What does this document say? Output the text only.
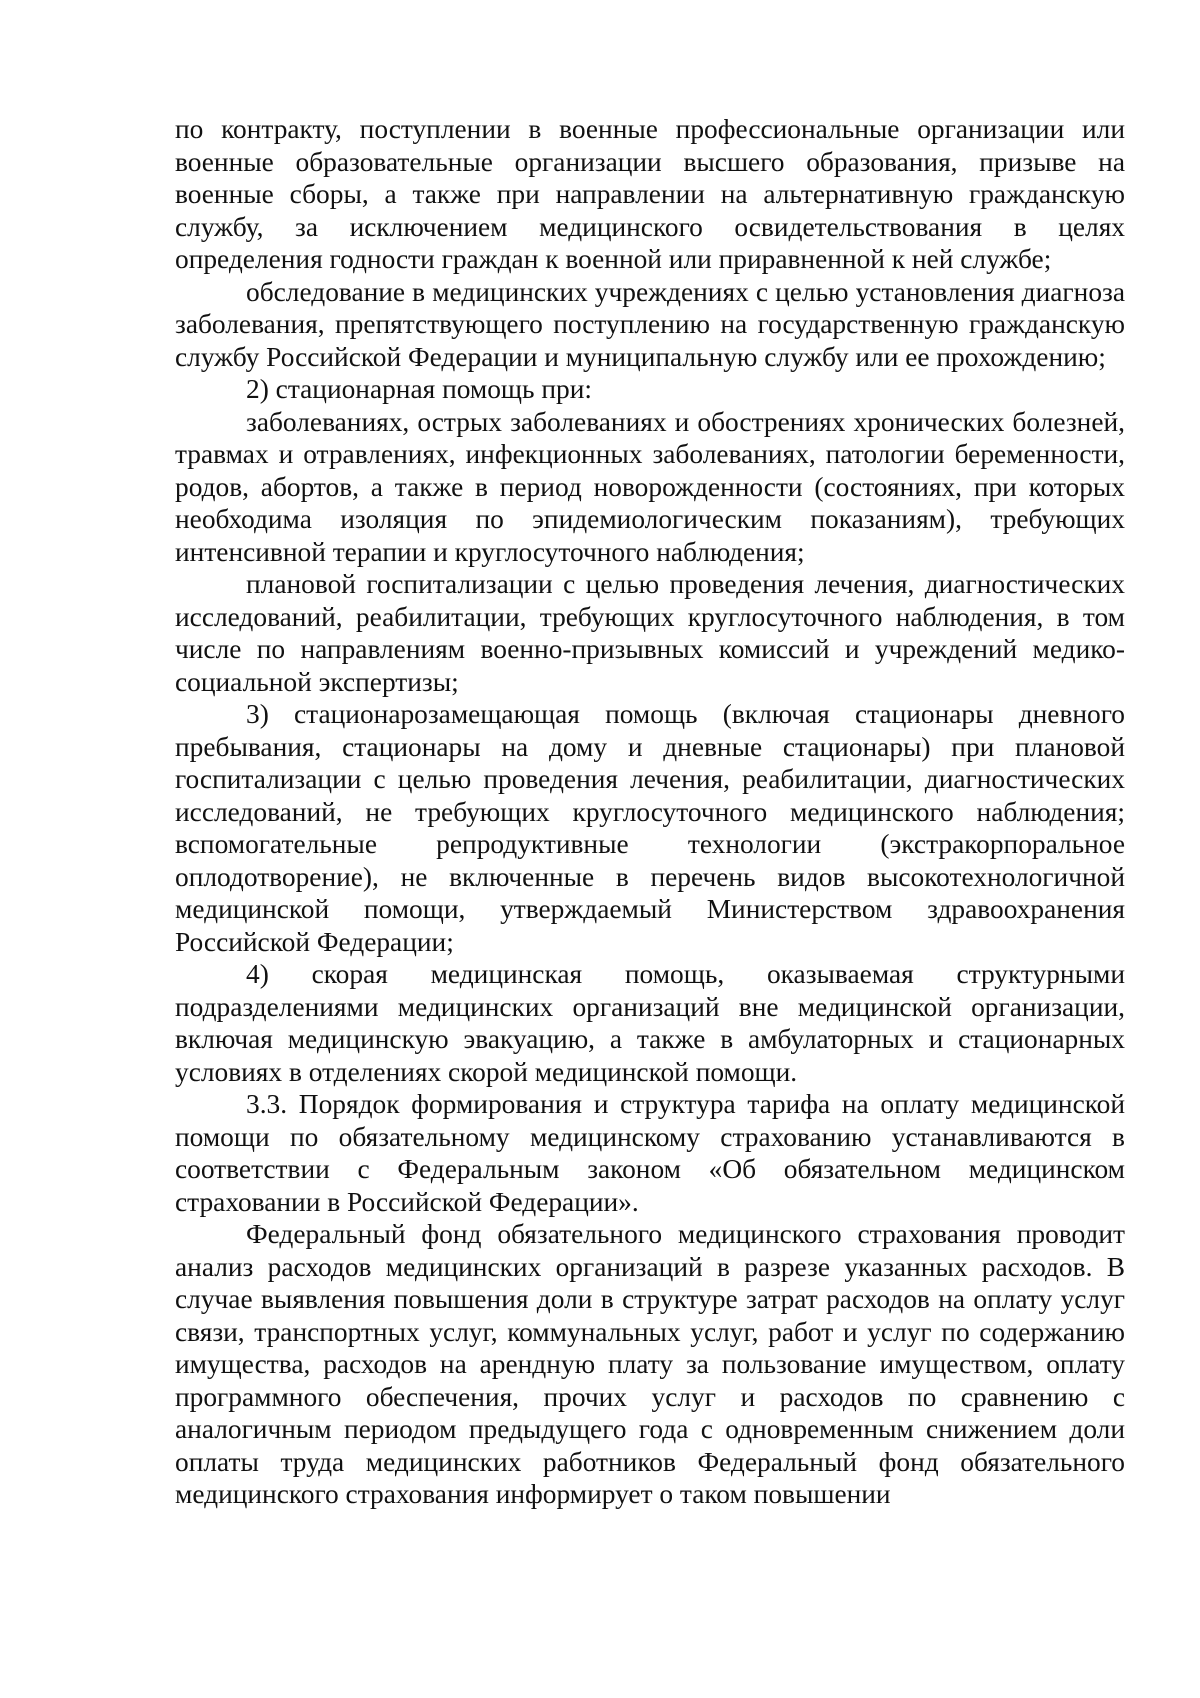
по контракту, поступлении в военные профессиональные организации или военные образовательные организации высшего образования, призыве на военные сборы, а также при направлении на альтернативную гражданскую службу, за исключением медицинского освидетельствования в целях определения годности граждан к военной или приравненной к ней службе;

обследование в медицинских учреждениях с целью установления диагноза заболевания, препятствующего поступлению на государственную гражданскую службу Российской Федерации и муниципальную службу или ее прохождению;

2) стационарная помощь при:

заболеваниях, острых заболеваниях и обострениях хронических болезней, травмах и отравлениях, инфекционных заболеваниях, патологии беременности, родов, абортов, а также в период новорожденности (состояниях, при которых необходима изоляция по эпидемиологическим показаниям), требующих интенсивной терапии и круглосуточного наблюдения;

плановой госпитализации с целью проведения лечения, диагностических исследований, реабилитации, требующих круглосуточного наблюдения, в том числе по направлениям военно-призывных комиссий и учреждений медико-социальной экспертизы;

3) стационарозамещающая помощь (включая стационары дневного пребывания, стационары на дому и дневные стационары) при плановой госпитализации с целью проведения лечения, реабилитации, диагностических исследований, не требующих круглосуточного медицинского наблюдения; вспомогательные репродуктивные технологии (экстракорпоральное оплодотворение), не включенные в перечень видов высокотехнологичной медицинской помощи, утверждаемый Министерством здравоохранения Российской Федерации;

4) скорая медицинская помощь, оказываемая структурными подразделениями медицинских организаций вне медицинской организации, включая медицинскую эвакуацию, а также в амбулаторных и стационарных условиях в отделениях скорой медицинской помощи.

3.3. Порядок формирования и структура тарифа на оплату медицинской помощи по обязательному медицинскому страхованию устанавливаются в соответствии с Федеральным законом «Об обязательном медицинском страховании в Российской Федерации».

Федеральный фонд обязательного медицинского страхования проводит анализ расходов медицинских организаций в разрезе указанных расходов. В случае выявления повышения доли в структуре затрат расходов на оплату услуг связи, транспортных услуг, коммунальных услуг, работ и услуг по содержанию имущества, расходов на арендную плату за пользование имуществом, оплату программного обеспечения, прочих услуг и расходов по сравнению с аналогичным периодом предыдущего года с одновременным снижением доли оплаты труда медицинских работников Федеральный фонд обязательного медицинского страхования информирует о таком повышении
